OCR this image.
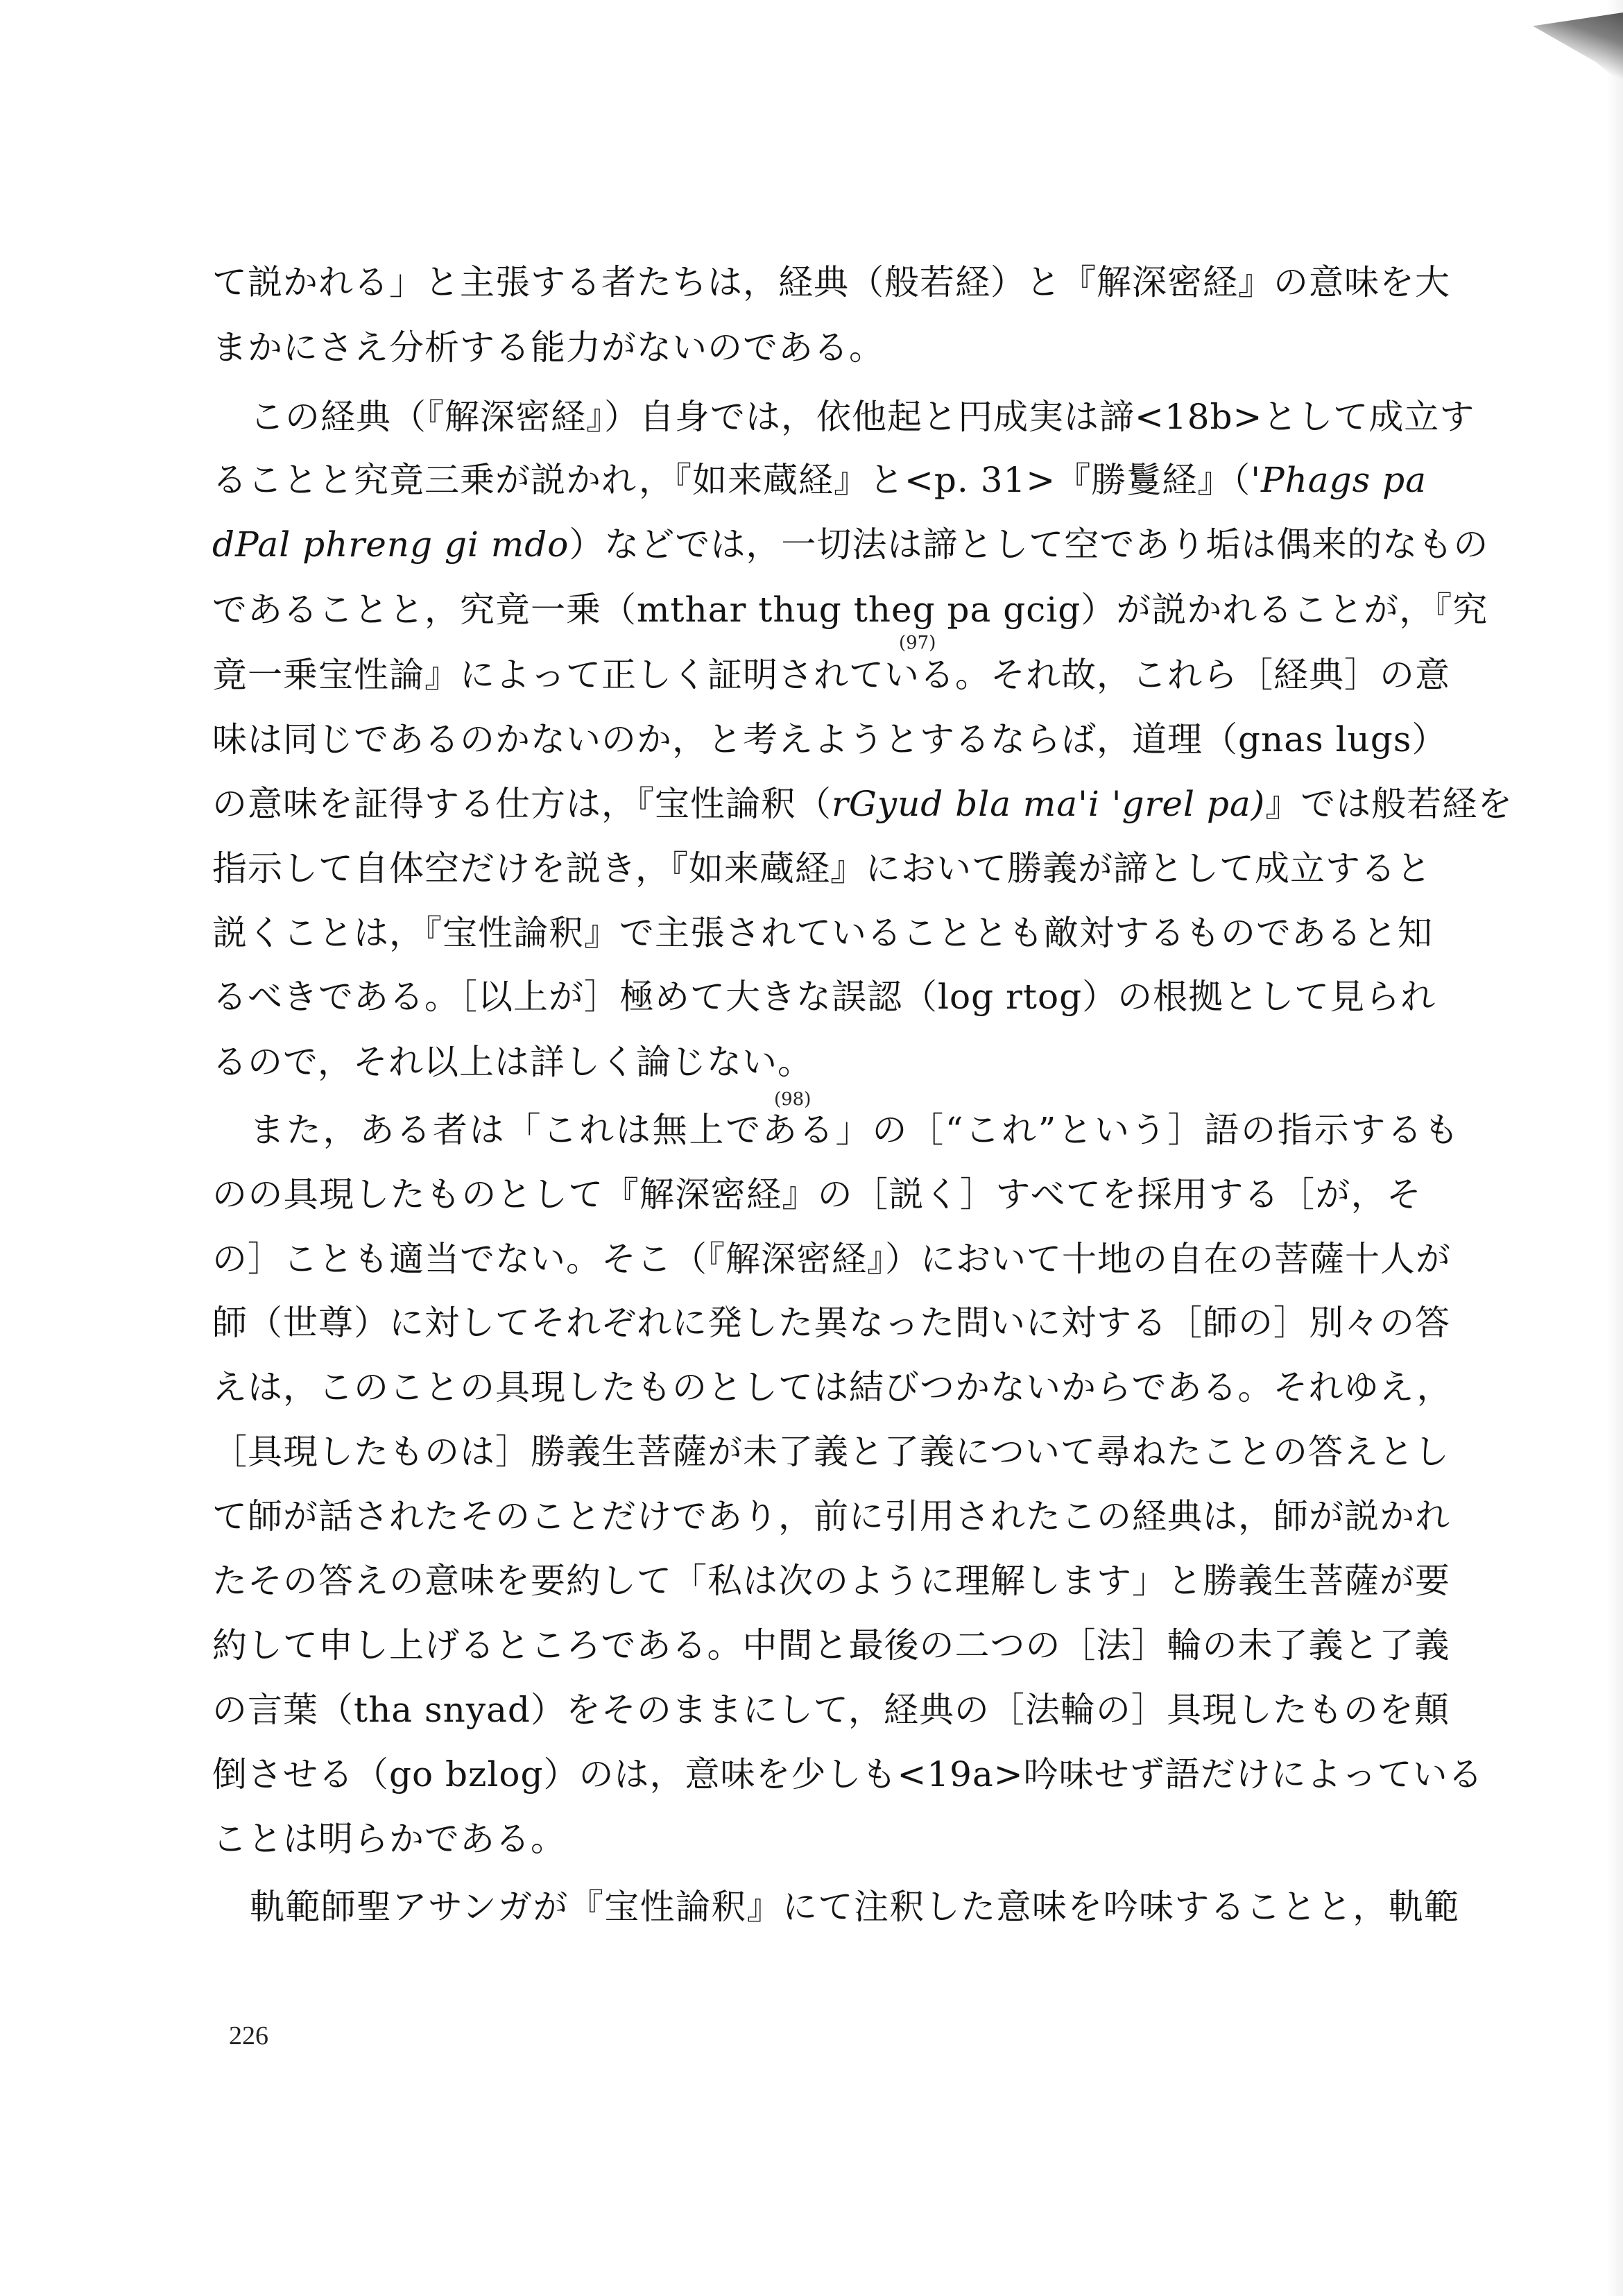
て説かれる」と主張する者たちは，経典（般若経）と『解深密経』の意味を大
まかにさえ分析する能力がないのである。
この経典（『解深密経』）自身では，依他起と円成実は諦<18b>として成立す
ることと究竟三乗が説かれ，『如来蔵経』と<p. 31>『勝鬘経』（'Phags pa
dPal phreng gi mdo）などでは，一切法は諦として空であり垢は偶来的なもの
であることと，究竟一乗（mthar thug theg pa gcig）が説かれることが，『究
竟一乗宝性論』によって正しく証明されている。それ故，これら［経典］の意
味は同じであるのかないのか，と考えようとするならば，道理（gnas lugs）
の意味を証得する仕方は，『宝性論釈（rGyud bla ma'i 'grel pa)』では般若経を
指示して自体空だけを説き，『如来蔵経』において勝義が諦として成立すると
説くことは，『宝性論釈』で主張されていることとも敵対するものであると知
るべきである。［以上が］極めて大きな誤認（log rtog）の根拠として見られ
るので，それ以上は詳しく論じない。
また，ある者は「これは無上である」の［“これ”という］語の指示するも
のの具現したものとして『解深密経』の［説く］すべてを採用する［が，そ
の］ことも適当でない。そこ（『解深密経』）において十地の自在の菩薩十人が
師（世尊）に対してそれぞれに発した異なった問いに対する［師の］別々の答
えは，このことの具現したものとしては結びつかないからである。それゆえ，
［具現したものは］勝義生菩薩が未了義と了義について尋ねたことの答えとし
て師が話されたそのことだけであり，前に引用されたこの経典は，師が説かれ
たその答えの意味を要約して「私は次のように理解します」と勝義生菩薩が要
約して申し上げるところである。中間と最後の二つの［法］輪の未了義と了義
の言葉（tha snyad）をそのままにして，経典の［法輪の］具現したものを顛
倒させる（go bzlog）のは，意味を少しも<19a>吟味せず語だけによっている
ことは明らかである。
軌範師聖アサンガが『宝性論釈』にて注釈した意味を吟味することと，軌範
(97)
(98)
226
